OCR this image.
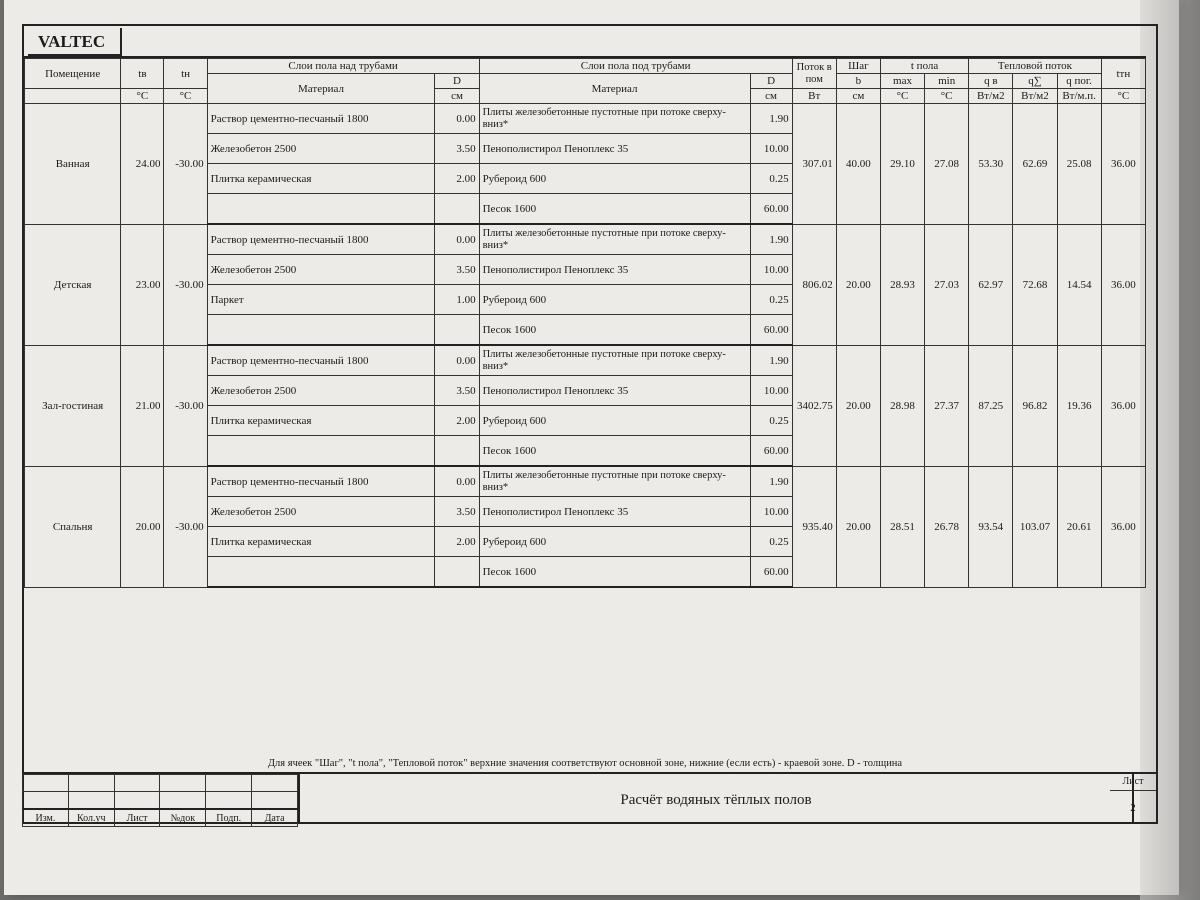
VALTEC
Помещение	tв	tн	Слои пола над трубами		Слои пола под трубами		Поток в пом	Шаг	t пола		Тепловой поток			tтн
			Материал	D	Материал	D		b	max	min	q в	q∑	q пог.	
	°C	°C		см		см	Вт	см	°C	°C	Вт/м2	Вт/м2	Вт/м.п.	°C
Ванная	24.00	-30.00	Раствор цементно-песчаный 1800	0.00	Плиты железобетонные пустотные при потоке сверху-вниз*	1.90	307.01	40.00	29.10	27.08	53.30	62.69	25.08	36.00
			Железобетон 2500	3.50	Пенополистирол Пеноплекс 35	10.00								
			Плитка керамическая	2.00	Рубероид 600	0.25								
					Песок 1600	60.00								
Детская	23.00	-30.00	Раствор цементно-песчаный 1800	0.00	Плиты железобетонные пустотные при потоке сверху-вниз*	1.90	806.02	20.00	28.93	27.03	62.97	72.68	14.54	36.00
			Железобетон 2500	3.50	Пенополистирол Пеноплекс 35	10.00								
			Паркет	1.00	Рубероид 600	0.25								
					Песок 1600	60.00								
Зал-гостиная	21.00	-30.00	Раствор цементно-песчаный 1800	0.00	Плиты железобетонные пустотные при потоке сверху-вниз*	1.90	3402.75	20.00	28.98	27.37	87.25	96.82	19.36	36.00
			Железобетон 2500	3.50	Пенополистирол Пеноплекс 35	10.00								
			Плитка керамическая	2.00	Рубероид 600	0.25								
					Песок 1600	60.00								
Спальня	20.00	-30.00	Раствор цементно-песчаный 1800	0.00	Плиты железобетонные пустотные при потоке сверху-вниз*	1.90	935.40	20.00	28.51	26.78	93.54	103.07	20.61	36.00
			Железобетон 2500	3.50	Пенополистирол Пеноплекс 35	10.00								
			Плитка керамическая	2.00	Рубероид 600	0.25								
					Песок 1600	60.00								
Для ячеек "Шаг", "t пола", "Тепловой поток" верхние значения соответствуют основной зоне, нижние (если есть) - краевой зоне. D - толщина

Изм.	Кол.уч	Лист	№док	Подп.	Дата
Расчёт водяных тёплых полов
Лист
2
